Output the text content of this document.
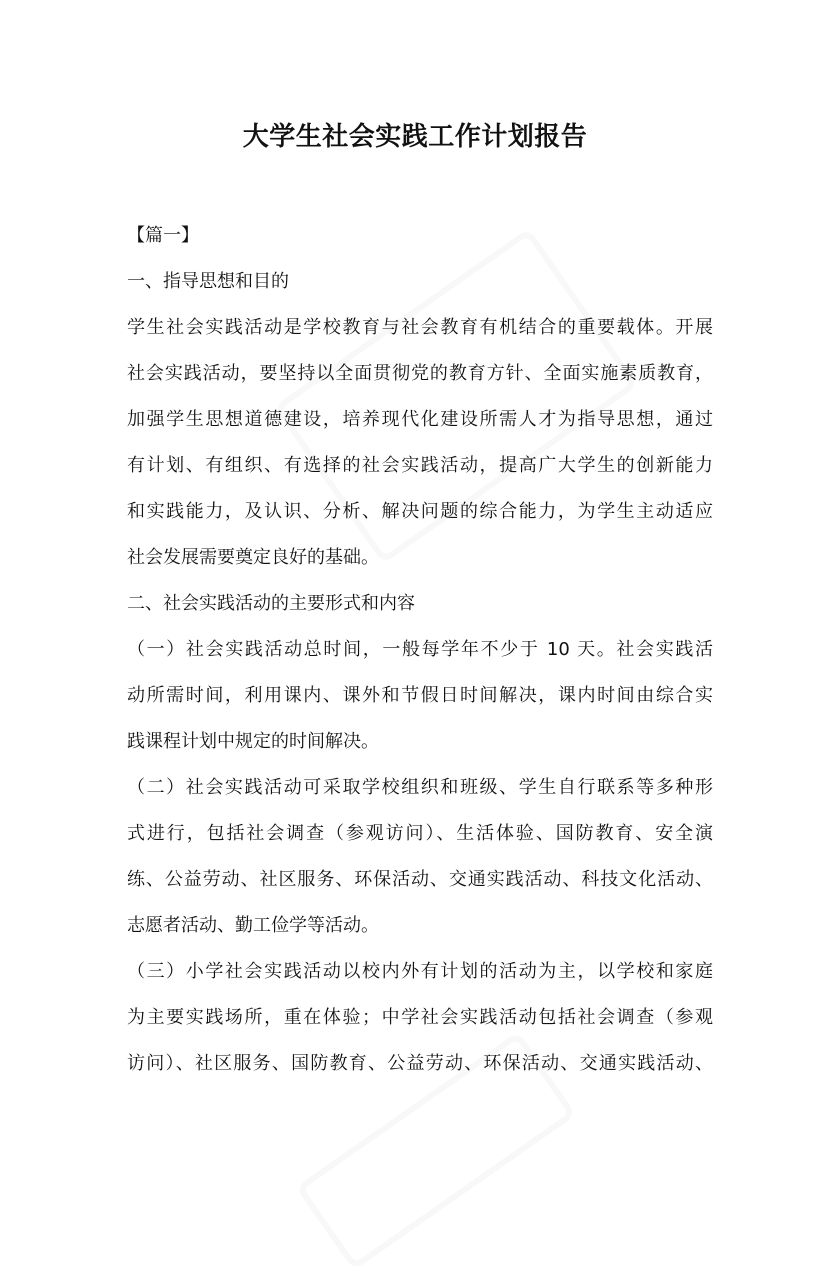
大学生社会实践工作计划报告
【篇一】
一、指导思想和目的
学生社会实践活动是学校教育与社会教育有机结合的重要载体。开展
社会实践活动，要坚持以全面贯彻党的教育方针、全面实施素质教育，
加强学生思想道德建设，培养现代化建设所需人才为指导思想，通过
有计划、有组织、有选择的社会实践活动，提高广大学生的创新能力
和实践能力，及认识、分析、解决问题的综合能力，为学生主动适应
社会发展需要奠定良好的基础。
二、社会实践活动的主要形式和内容
（一）社会实践活动总时间，一般每学年不少于 10 天。社会实践活
动所需时间，利用课内、课外和节假日时间解决，课内时间由综合实
践课程计划中规定的时间解决。
（二）社会实践活动可采取学校组织和班级、学生自行联系等多种形
式进行，包括社会调查（参观访问）、生活体验、国防教育、安全演
练、公益劳动、社区服务、环保活动、交通实践活动、科技文化活动、
志愿者活动、勤工俭学等活动。
（三）小学社会实践活动以校内外有计划的活动为主，以学校和家庭
为主要实践场所，重在体验；中学社会实践活动包括社会调查（参观
访问）、社区服务、国防教育、公益劳动、环保活动、交通实践活动、
